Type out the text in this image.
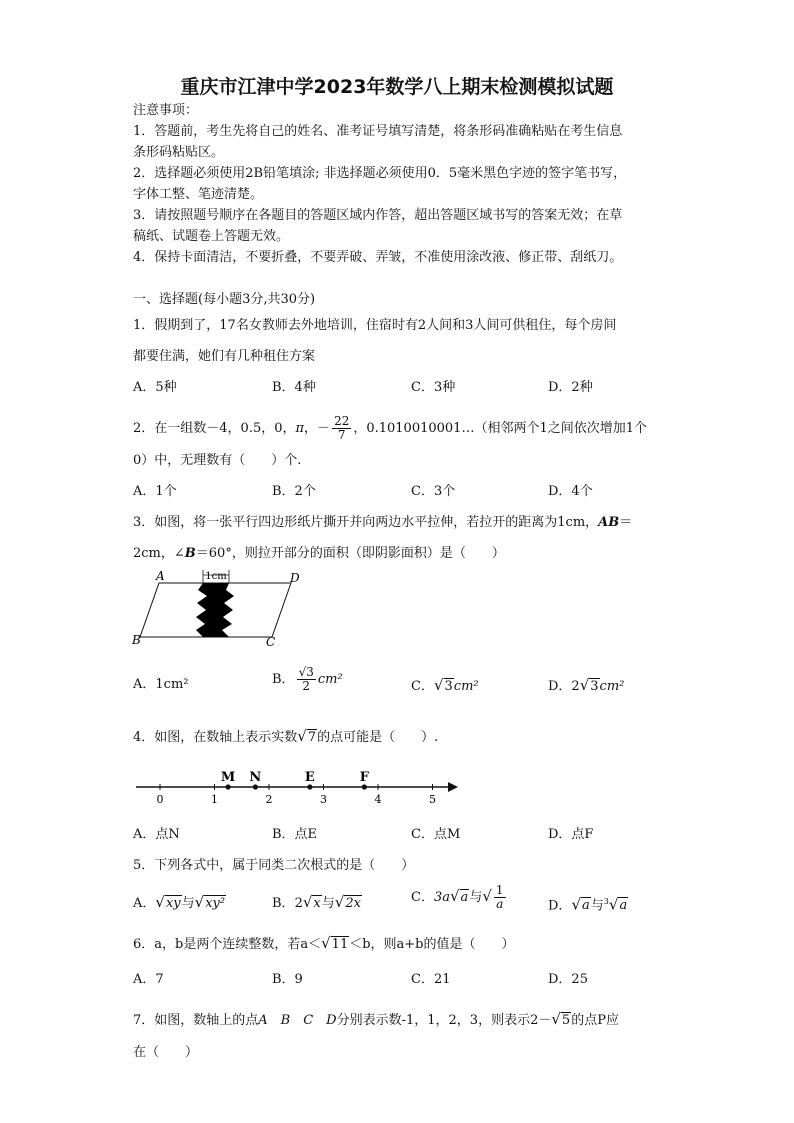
重庆市江津中学2023年数学八上期末检测模拟试题
注意事项：
1．答题前，考生先将自己的姓名、准考证号填写清楚，将条形码准确粘贴在考生信息
条形码粘贴区。
2．选择题必须使用2B铅笔填涂; 非选择题必须使用0．5毫米黑色字迹的签字笔书写，
字体工整、笔迹清楚。
3．请按照题号顺序在各题目的答题区域内作答，超出答题区域书写的答案无效；在草
稿纸、试题卷上答题无效。
4．保持卡面清洁，不要折叠，不要弄破、弄皱，不准使用涂改液、修正带、刮纸刀。
一、选择题(每小题3分,共30分)
1．假期到了，17名女教师去外地培训，住宿时有2人间和3人间可供租住，每个房间
都要住满，她们有几种租住方案
A．5种	B．4种	C．3种	D．2种
2．在一组数－4，0.5，0，π，－ $\frac{22}{7}$ ，0.1010010001…（相邻两个1之间依次增加1个
0）中，无理数有（　　）个.
A．1个	B．2个	C．3个	D．4个
3．如图，将一张平行四边形纸片撕开并向两边水平拉伸，若拉开的距离为1cm，AB＝
2cm，∠B＝60°，则拉开部分的面积（即阴影面积）是（　　）
1cm
A	D
B	C
A．1cm²	B． $\frac{√3}{2} cm^2$	C．√3cm²	D．2√3cm²
4．如图，在数轴上表示实数√7的点可能是（　　）.
0	1	2	3	4	5
M N	E	F
A．点N	B．点E	C．点M	D．点F
5．下列各式中，属于同类二次根式的是（　　）
A．√xy与√xy²	B．2√x与√2x	C．3a√a与√ $\frac{1}{a}$	D．√a与$^3$√a
6．a，b是两个连续整数，若a＜√11＜b，则a+b的值是（　　）
A．7	B．9	C．21	D．25
7．如图，数轴上的点A　B　C　D分别表示数-1，1，2，3，则表示2－√5的点P应
在（　　）
